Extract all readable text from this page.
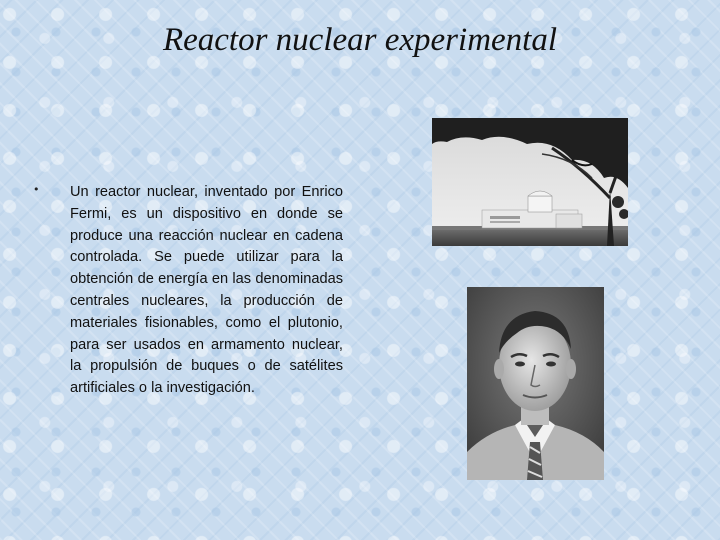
Reactor nuclear experimental
• Un reactor nuclear, inventado por Enrico Fermi, es un dispositivo en donde se produce una reacción nuclear en cadena controlada. Se puede utilizar para la obtención de energía en las denominadas centrales nucleares, la producción de materiales fisionables, como el plutonio, para ser usados en armamento nuclear, la propulsión de buques o de satélites artificiales o la investigación.
